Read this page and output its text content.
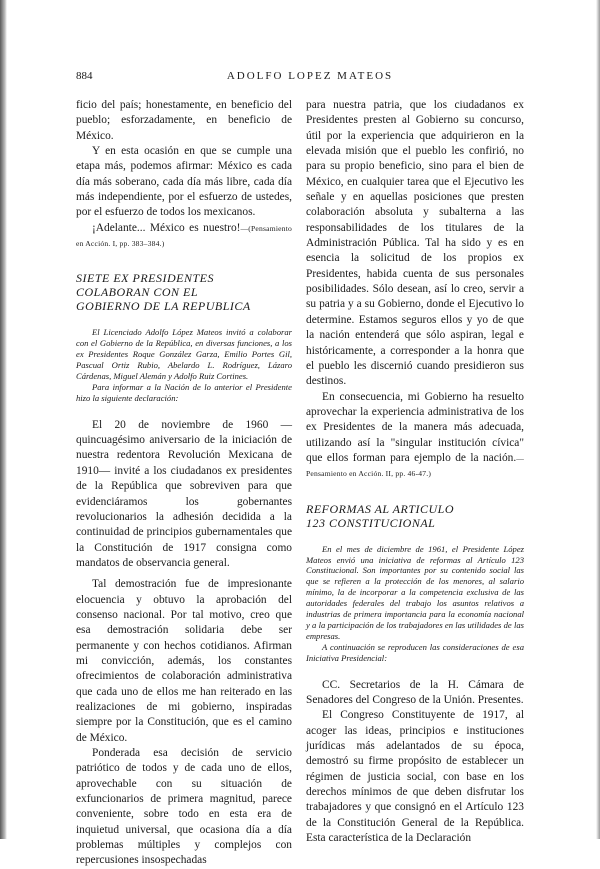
884	ADOLFO LOPEZ MATEOS

ficio del país; honestamente, en beneficio del pueblo; esforzadamente, en beneficio de México.

Y en esta ocasión en que se cumple una etapa más, podemos afirmar: México es cada día más soberano, cada día más libre, cada día más independiente, por el esfuerzo de ustedes, por el esfuerzo de todos los mexicanos.

¡Adelante... México es nuestro!—(Pensamiento en Acción. I, pp. 383–384.)

SIETE EX PRESIDENTES
COLABORAN CON EL
GOBIERNO DE LA REPUBLICA

El Licenciado Adolfo López Mateos invitó a colaborar con el Gobierno de la República, en diversas funciones, a los ex Presidentes Roque González Garza, Emilio Portes Gil, Pascual Ortiz Rubio, Abelardo L. Rodríguez, Lázaro Cárdenas, Miguel Alemán y Adolfo Ruiz Cortines.

Para informar a la Nación de lo anterior el Presidente hizo la siguiente declaración:

El 20 de noviembre de 1960 —quincuagésimo aniversario de la iniciación de nuestra redentora Revolución Mexicana de 1910— invité a los ciudadanos ex presidentes de la República que sobreviven para que evidenciáramos los gobernantes revolucionarios la adhesión decidida a la continuidad de principios gubernamentales que la Constitución de 1917 consigna como mandatos de observancia general.

Tal demostración fue de impresionante elocuencia y obtuvo la aprobación del consenso nacional. Por tal motivo, creo que esa demostración solidaria debe ser permanente y con hechos cotidianos. Afirman mi convicción, además, los constantes ofrecimientos de colaboración administrativa que cada uno de ellos me han reiterado en las realizaciones de mi gobierno, inspiradas siempre por la Constitución, que es el camino de México.

Ponderada esa decisión de servicio patriótico de todos y de cada uno de ellos, aprovechable con su situación de exfuncionarios de primera magnitud, parece conveniente, sobre todo en esta era de inquietud universal, que ocasiona día a día problemas múltiples y complejos con repercusiones insospechadas

para nuestra patria, que los ciudadanos ex Presidentes presten al Gobierno su concurso, útil por la experiencia que adquirieron en la elevada misión que el pueblo les confirió, no para su propio beneficio, sino para el bien de México, en cualquier tarea que el Ejecutivo les señale y en aquellas posiciones que presten colaboración absoluta y subalterna a las responsabilidades de los titulares de la Administración Pública. Tal ha sido y es en esencia la solicitud de los propios ex Presidentes, habida cuenta de sus personales posibilidades. Sólo desean, así lo creo, servir a su patria y a su Gobierno, donde el Ejecutivo lo determine. Estamos seguros ellos y yo de que la nación entenderá que sólo aspiran, legal e históricamente, a corresponder a la honra que el pueblo les discernió cuando presidieron sus destinos.

En consecuencia, mi Gobierno ha resuelto aprovechar la experiencia administrativa de los ex Presidentes de la manera más adecuada, utilizando así la "singular institución cívica" que ellos forman para ejemplo de la nación.—Pensamiento en Acción. II, pp. 46-47.)

REFORMAS AL ARTICULO
123 CONSTITUCIONAL

En el mes de diciembre de 1961, el Presidente López Mateos envió una iniciativa de reformas al Artículo 123 Constitucional. Son importantes por su contenido social las que se refieren a la protección de los menores, al salario mínimo, la de incorporar a la competencia exclusiva de las autoridades federales del trabajo los asuntos relativos a industrias de primera importancia para la economía nacional y a la participación de los trabajadores en las utilidades de las empresas.

A continuación se reproducen las consideraciones de esa Iniciativa Presidencial:

CC. Secretarios de la H. Cámara de Senadores del Congreso de la Unión. Presentes.

El Congreso Constituyente de 1917, al acoger las ideas, principios e instituciones jurídicas más adelantados de su época, demostró su firme propósito de establecer un régimen de justicia social, con base en los derechos mínimos de que deben disfrutar los trabajadores y que consignó en el Artículo 123 de la Constitución General de la República. Esta característica de la Declaración
